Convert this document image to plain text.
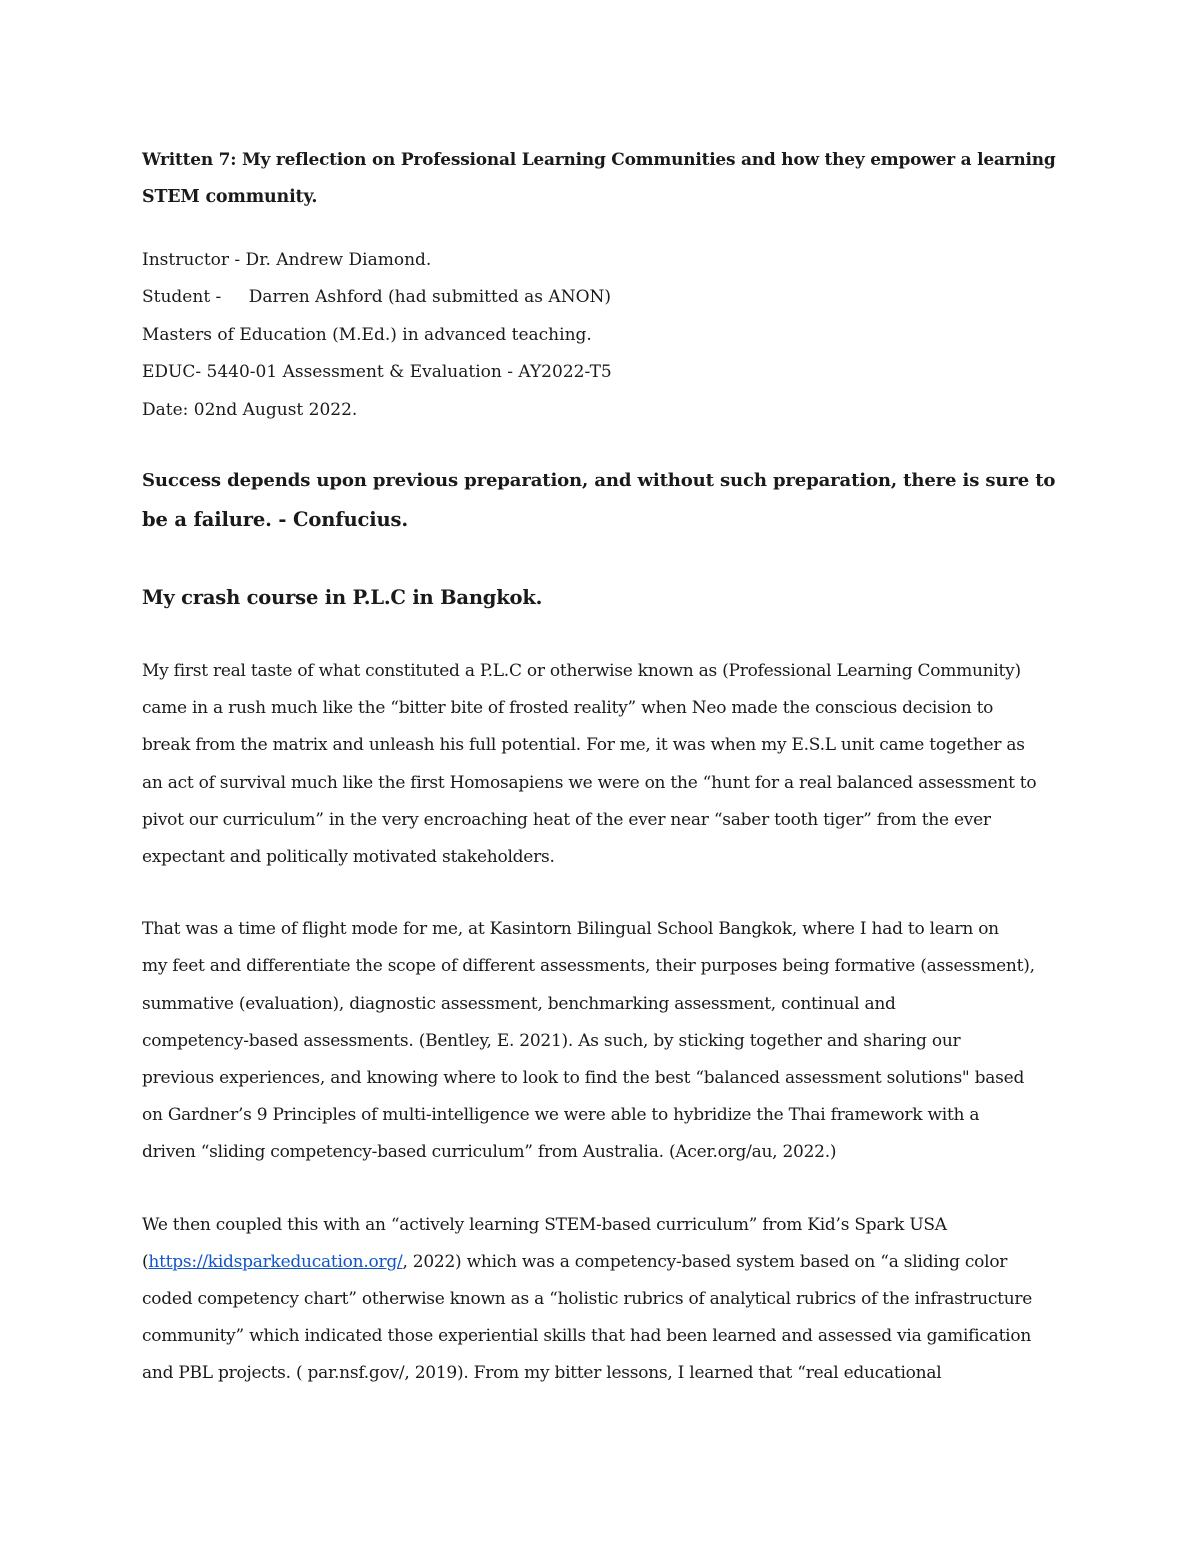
Written 7: My reflection on Professional Learning Communities and how they empower a learning
STEM community.
Instructor - Dr. Andrew Diamond.
Student - Darren Ashford (had submitted as ANON)
Masters of Education (M.Ed.) in advanced teaching.
EDUC- 5440-01 Assessment & Evaluation - AY2022-T5
Date: 02nd August 2022.
Success depends upon previous preparation, and without such preparation, there is sure to
be a failure. - Confucius.
My crash course in P.L.C in Bangkok.

My first real taste of what constituted a P.L.C or otherwise known as (Professional Learning Community)
came in a rush much like the “bitter bite of frosted reality” when Neo made the conscious decision to
break from the matrix and unleash his full potential. For me, it was when my E.S.L unit came together as
an act of survival much like the first Homosapiens we were on the “hunt for a real balanced assessment to
pivot our curriculum” in the very encroaching heat of the ever near “saber tooth tiger” from the ever
expectant and politically motivated stakeholders.

That was a time of flight mode for me, at Kasintorn Bilingual School Bangkok, where I had to learn on
my feet and differentiate the scope of different assessments, their purposes being formative (assessment),
summative (evaluation), diagnostic assessment, benchmarking assessment, continual and
competency-based assessments. (Bentley, E. 2021). As such, by sticking together and sharing our
previous experiences, and knowing where to look to find the best “balanced assessment solutions" based
on Gardner’s 9 Principles of multi-intelligence we were able to hybridize the Thai framework with a
driven “sliding competency-based curriculum” from Australia. (Acer.org/au, 2022.)

We then coupled this with an “actively learning STEM-based curriculum” from Kid’s Spark USA
(https://kidsparkeducation.org/, 2022) which was a competency-based system based on “a sliding color
coded competency chart” otherwise known as a “holistic rubrics of analytical rubrics of the infrastructure
community” which indicated those experiential skills that had been learned and assessed via gamification
and PBL projects. ( par.nsf.gov/, 2019). From my bitter lessons, I learned that “real educational
